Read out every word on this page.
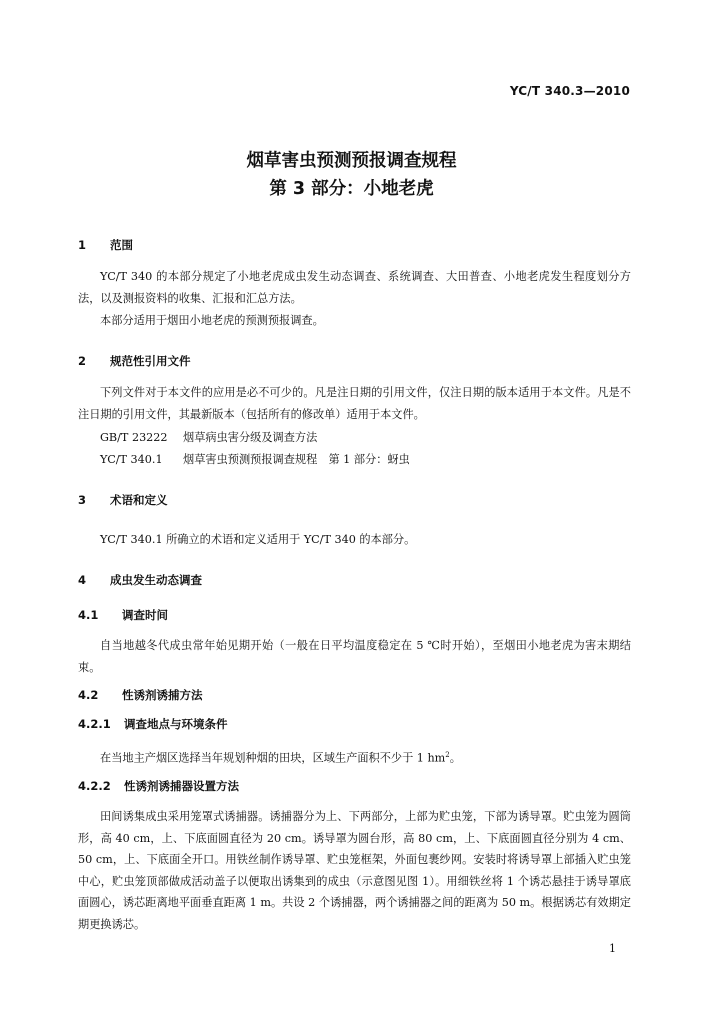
YC/T 340.3—2010
烟草害虫预测预报调查规程
第 3 部分：小地老虎
1 范围
YC/T 340 的本部分规定了小地老虎成虫发生动态调查、系统调查、大田普查、小地老虎发生程度划分方法，以及测报资料的收集、汇报和汇总方法。
本部分适用于烟田小地老虎的预测预报调查。
2 规范性引用文件
下列文件对于本文件的应用是必不可少的。凡是注日期的引用文件，仅注日期的版本适用于本文件。凡是不注日期的引用文件，其最新版本（包括所有的修改单）适用于本文件。
GB/T 23222 烟草病虫害分级及调查方法
YC/T 340.1 烟草害虫预测预报调查规程　第 1 部分：蚜虫
3 术语和定义
YC/T 340.1 所确立的术语和定义适用于 YC/T 340 的本部分。
4 成虫发生动态调查
4.1 调查时间
自当地越冬代成虫常年始见期开始（一般在日平均温度稳定在 5 ℃时开始），至烟田小地老虎为害末期结束。
4.2 性诱剂诱捕方法
4.2.1 调查地点与环境条件
在当地主产烟区选择当年规划种烟的田块，区域生产面积不少于 1 $hm^2$。
4.2.2 性诱剂诱捕器设置方法
田间诱集成虫采用笼罩式诱捕器。诱捕器分为上、下两部分，上部为贮虫笼，下部为诱导罩。贮虫笼为圆筒形，高 40 cm，上、下底面圆直径为 20 cm。诱导罩为圆台形，高 80 cm，上、下底面圆直径分别为 4 cm、50 cm，上、下底面全开口。用铁丝制作诱导罩、贮虫笼框架，外面包裹纱网。安装时将诱导罩上部插入贮虫笼中心，贮虫笼顶部做成活动盖子以便取出诱集到的成虫（示意图见图 1）。用细铁丝将 1 个诱芯悬挂于诱导罩底面圆心，诱芯距离地平面垂直距离 1 m。共设 2 个诱捕器，两个诱捕器之间的距离为 50 m。根据诱芯有效期定期更换诱芯。
1
